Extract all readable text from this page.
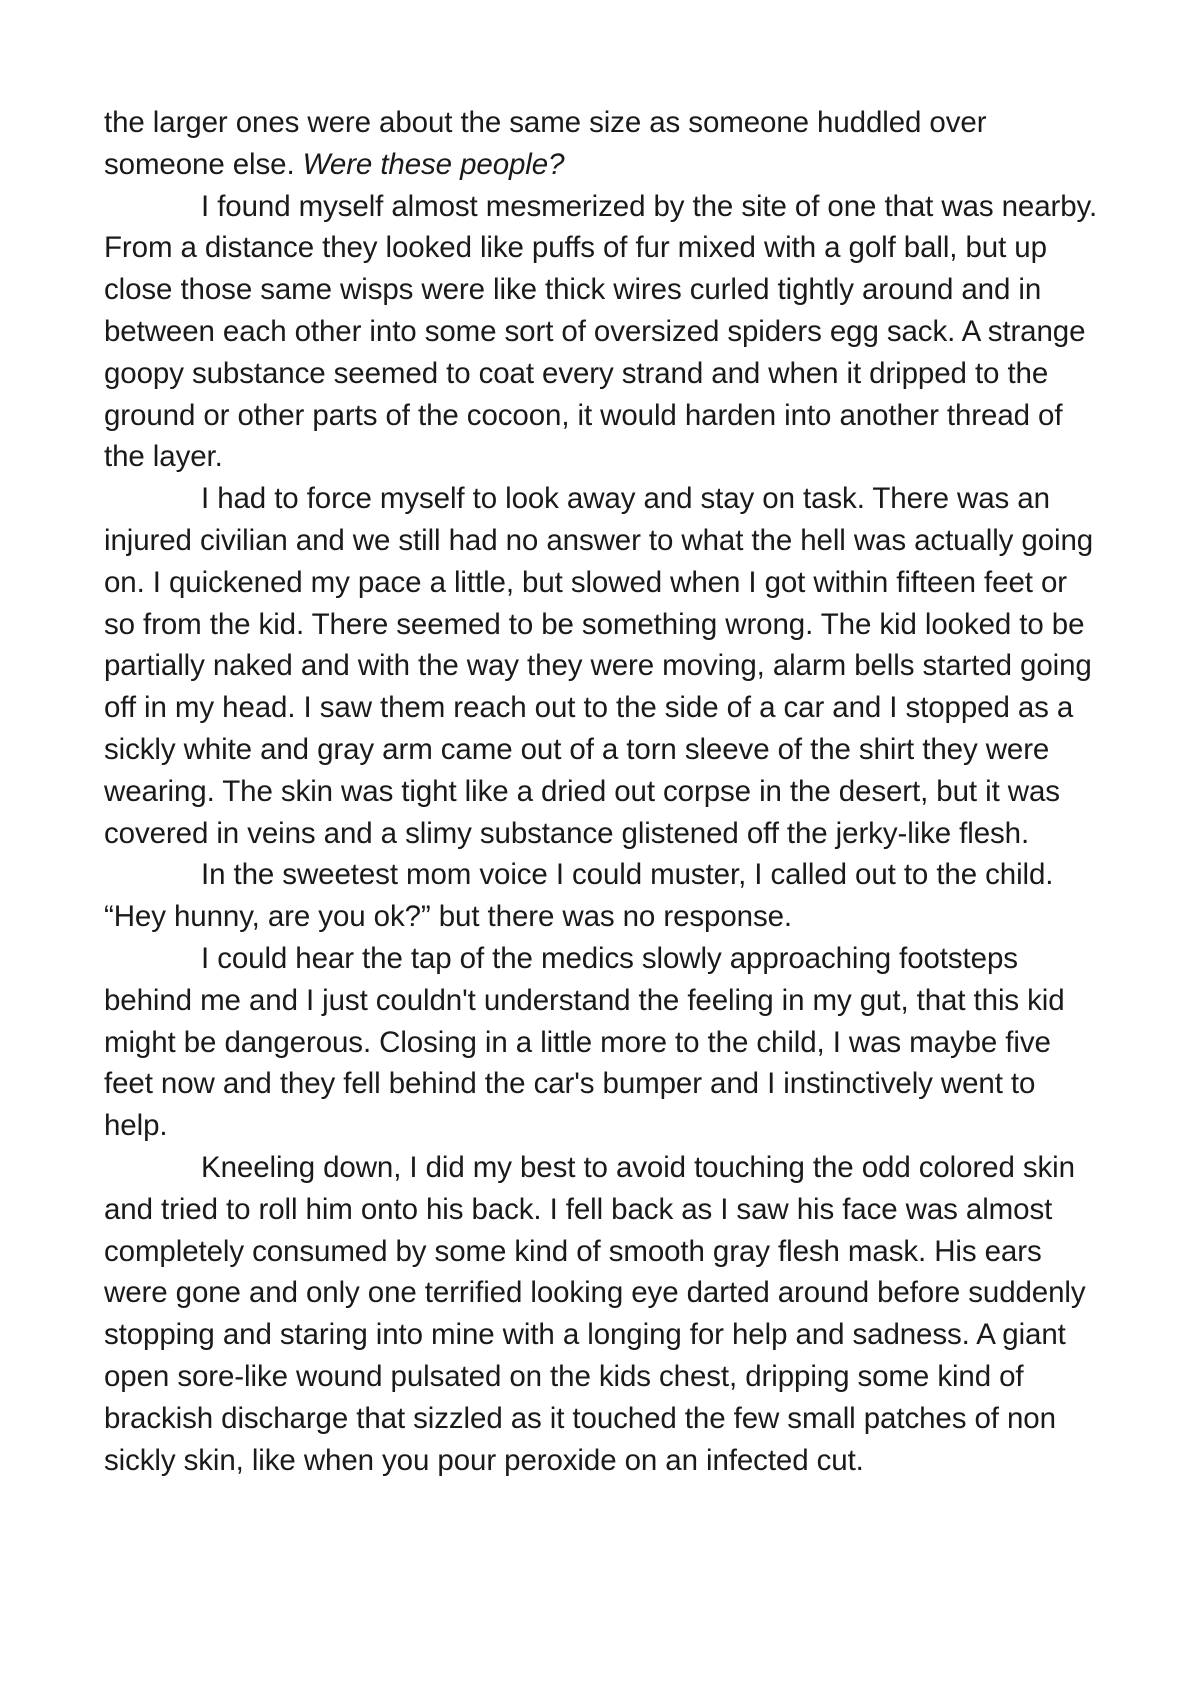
the larger ones were about the same size as someone huddled over someone else. Were these people?

I found myself almost mesmerized by the site of one that was nearby. From a distance they looked like puffs of fur mixed with a golf ball, but up close those same wisps were like thick wires curled tightly around and in between each other into some sort of oversized spiders egg sack. A strange goopy substance seemed to coat every strand and when it dripped to the ground or other parts of the cocoon, it would harden into another thread of the layer.

I had to force myself to look away and stay on task. There was an injured civilian and we still had no answer to what the hell was actually going on. I quickened my pace a little, but slowed when I got within fifteen feet or so from the kid. There seemed to be something wrong. The kid looked to be partially naked and with the way they were moving, alarm bells started going off in my head. I saw them reach out to the side of a car and I stopped as a sickly white and gray arm came out of a torn sleeve of the shirt they were wearing. The skin was tight like a dried out corpse in the desert, but it was covered in veins and a slimy substance glistened off the jerky-like flesh.

In the sweetest mom voice I could muster, I called out to the child. “Hey hunny, are you ok?” but there was no response.

I could hear the tap of the medics slowly approaching footsteps behind me and I just couldn't understand the feeling in my gut, that this kid might be dangerous. Closing in a little more to the child, I was maybe five feet now and they fell behind the car's bumper and I instinctively went to help.

Kneeling down, I did my best to avoid touching the odd colored skin and tried to roll him onto his back. I fell back as I saw his face was almost completely consumed by some kind of smooth gray flesh mask. His ears were gone and only one terrified looking eye darted around before suddenly stopping and staring into mine with a longing for help and sadness. A giant open sore-like wound pulsated on the kids chest, dripping some kind of brackish discharge that sizzled as it touched the few small patches of non sickly skin, like when you pour peroxide on an infected cut.
